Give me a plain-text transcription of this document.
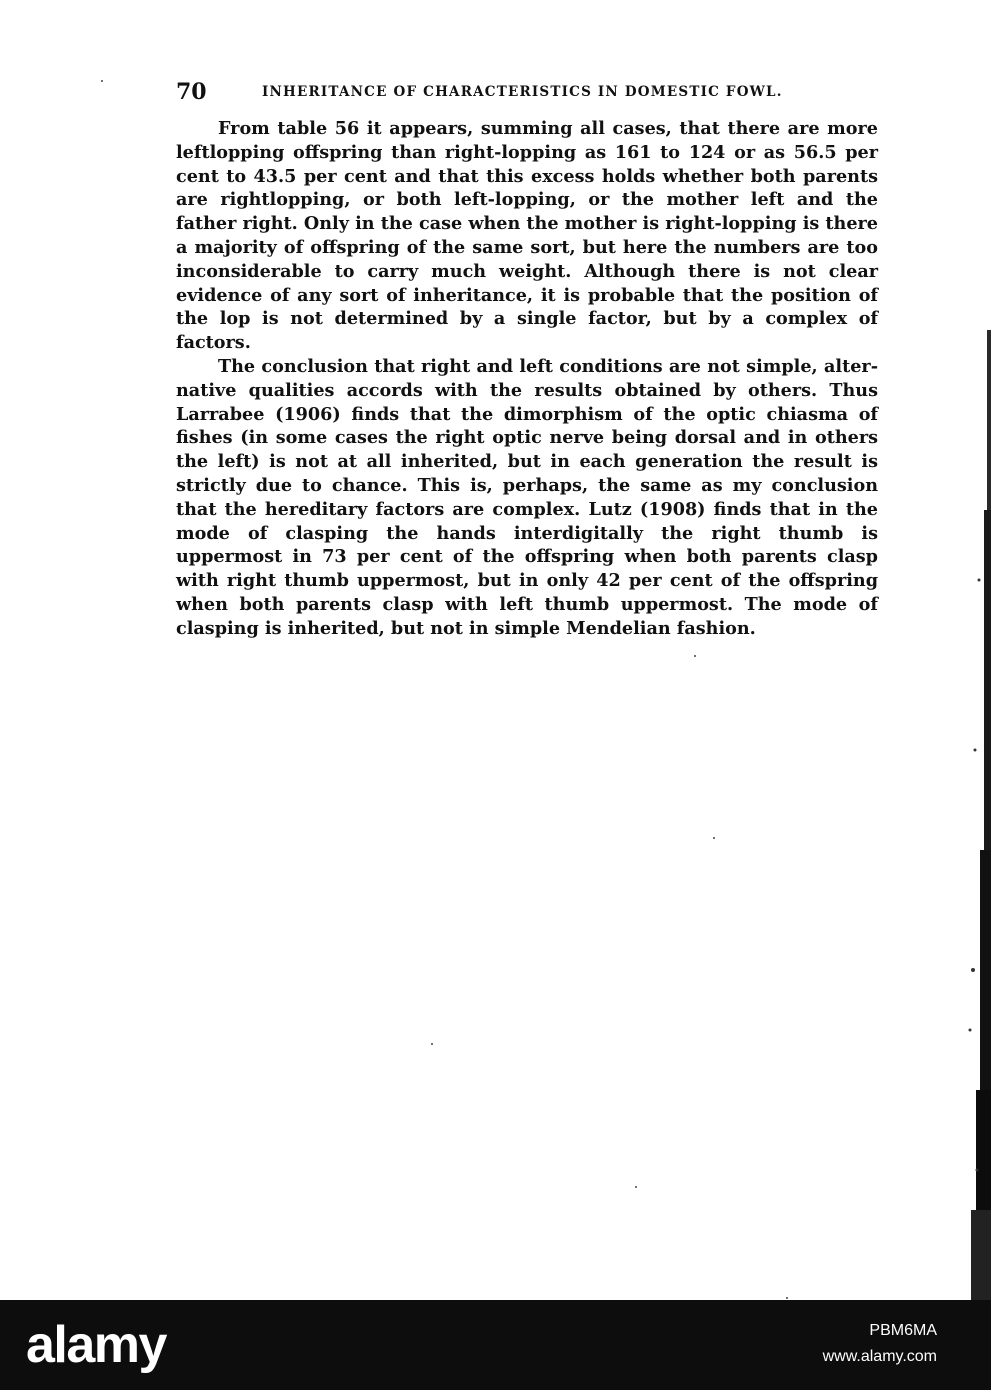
70	INHERITANCE OF CHARACTERISTICS IN DOMESTIC FOWL.

From table 56 it appears, summing all cases, that there are more leftlopping offspring than right-lopping as 161 to 124 or as 56.5 per cent to 43.5 per cent and that this excess holds whether both parents are rightlopping, or both left-lopping, or the mother left and the father right. Only in the case when the mother is right-lopping is there a majority of offspring of the same sort, but here the numbers are too inconsiderable to carry much weight. Although there is not clear evidence of any sort of inheritance, it is probable that the position of the lop is not determined by a single factor, but by a complex of factors.

The conclusion that right and left conditions are not simple, alternative qualities accords with the results obtained by others. Thus Larrabee (1906) finds that the dimorphism of the optic chiasma of fishes (in some cases the right optic nerve being dorsal and in others the left) is not at all inherited, but in each generation the result is strictly due to chance. This is, perhaps, the same as my conclusion that the hereditary factors are complex. Lutz (1908) finds that in the mode of clasping the hands interdigitally the right thumb is uppermost in 73 per cent of the offspring when both parents clasp with right thumb uppermost, but in only 42 per cent of the offspring when both parents clasp with left thumb uppermost. The mode of clasping is inherited, but not in simple Mendelian fashion.

alamy	PBM6MA
www.alamy.com
